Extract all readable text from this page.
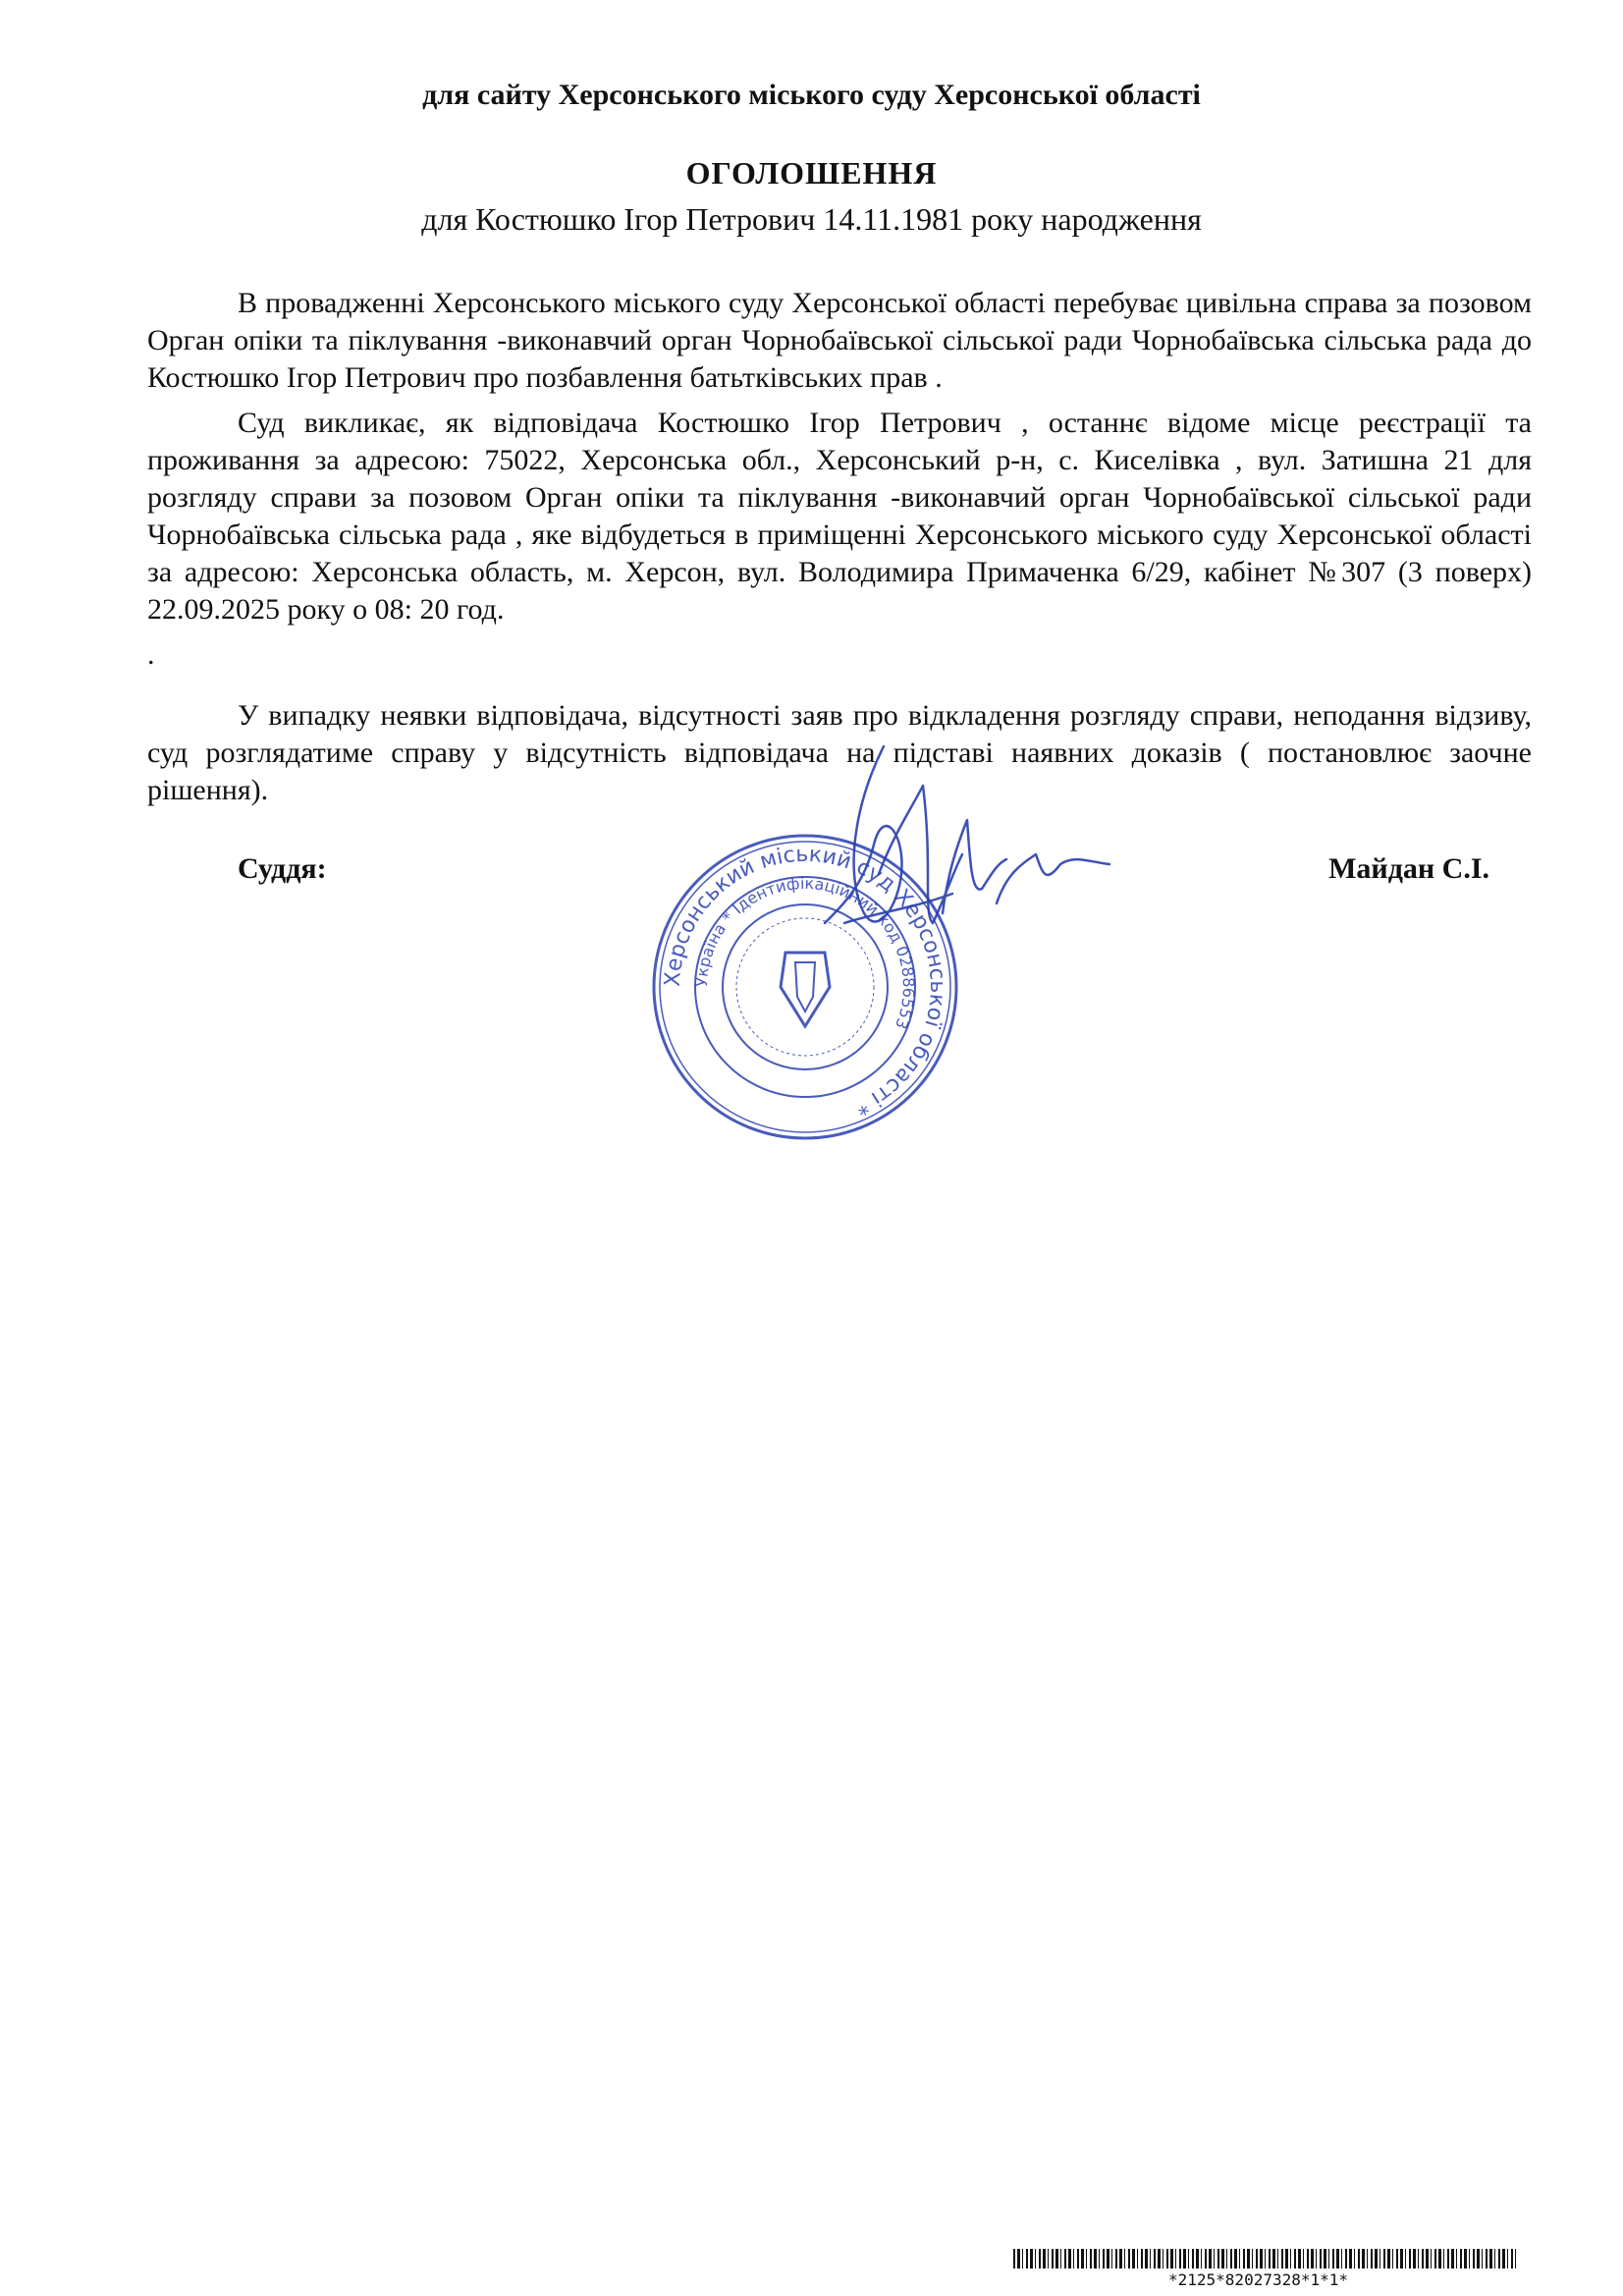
для сайту Херсонського міського суду Херсонської області
ОГОЛОШЕННЯ
для Костюшко Ігор Петрович 14.11.1981 року народження

В провадженні Херсонського міського суду Херсонської області перебуває цивільна справа за позовом Орган опіки та піклування -виконавчий орган Чорнобаївської сільської ради Чорнобаївська сільська рада до Костюшко Ігор Петрович про позбавлення батьтківських прав .

Суд викликає, як відповідача Костюшко Ігор Петрович , останнє відоме місце реєстрації та проживання за адресою: 75022, Херсонська обл., Херсонський р-н, с. Киселівка , вул. Затишна 21 для розгляду справи за позовом Орган опіки та піклування -виконавчий орган Чорнобаївської сільської ради Чорнобаївська сільська рада , яке відбудеться в приміщенні Херсонського міського суду Херсонської області за адресою: Херсонська область, м. Херсон, вул. Володимира Примаченка 6/29, кабінет №307 (3 поверх) 22.09.2025 року о 08: 20 год.

.

У випадку неявки відповідача, відсутності заяв про відкладення розгляду справи, неподання відзиву, суд розглядатиме справу у відсутність відповідача на підставі наявних доказів ( постановлює заочне рішення).

Херсонський міський суд Херсонської області *
Україна * Ідентифікаційний код 02886553
Суддя:	Майдан С.І.
*2125*82027328*1*1*
